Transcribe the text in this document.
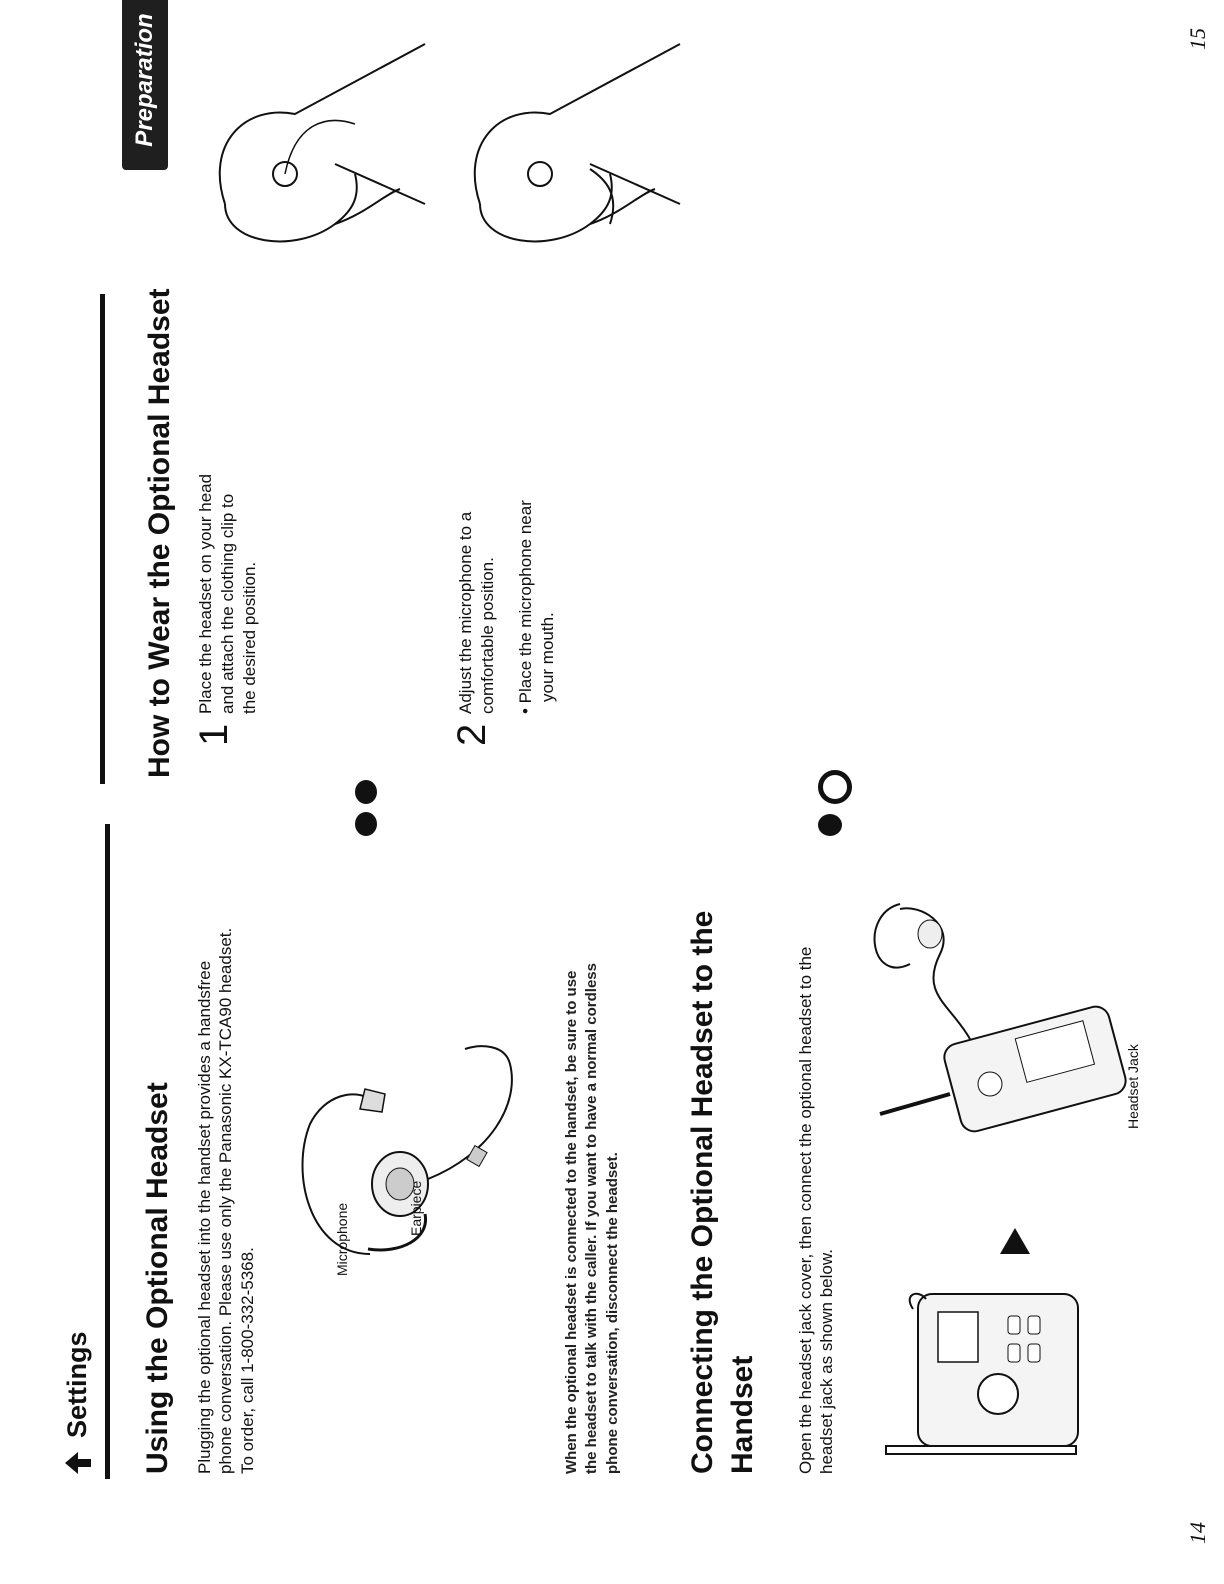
Settings Using the Optional Headset Plugging the optional headset into the handset provides a handsfree phone conversation. Please use only the Panasonic KX-TCA90 headset. To order, call 1-800-332-5368.

Microphone	Earpiece	When the optional headset is connected to the handset, be sure to use the headset to talk with the caller. If you want to have a normal cordless phone conversation, disconnect the headset. Connecting the Optional Headset to the Handset Open the headset jack cover, then connect the optional headset to the headset jack as shown below.

Headset Jack
14
Preparation
How to Wear the Optional Headset 1

Place the headset on your head and attach the clothing clip to the desired position.

2

Adjust the microphone to a comfortable position. • Place the microphone near your mouth.

15
